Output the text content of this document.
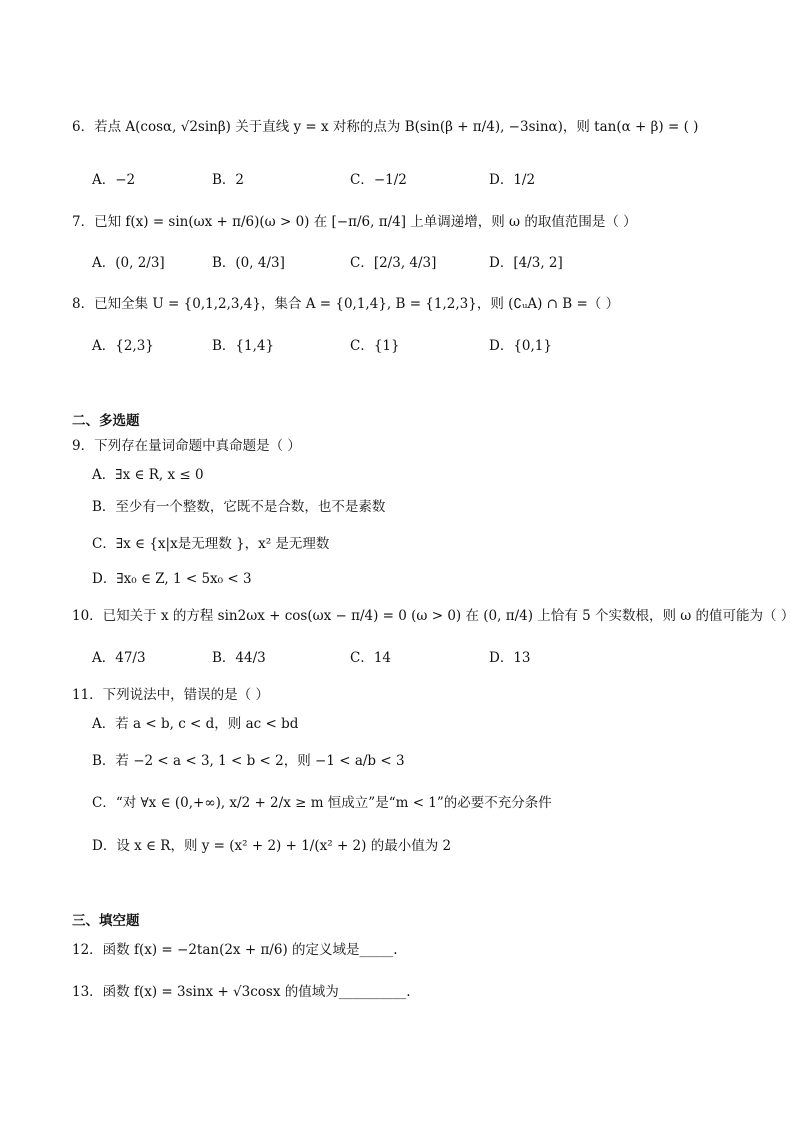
6．若点 A(cosα, √2sinβ) 关于直线 y = x 对称的点为 B(sin(β + π/4), −3sinα)，则 tan(α + β) = ( )
A．−2	B．2	C．−1/2	D．1/2
7．已知 f(x) = sin(ωx + π/6)(ω > 0) 在 [−π/6, π/4] 上单调递增，则 ω 的取值范围是（ ）
A．(0, 2/3]	B．(0, 4/3]	C．[2/3, 4/3]	D．[4/3, 2]
8．已知全集 U = {0,1,2,3,4}，集合 A = {0,1,4}, B = {1,2,3}，则 (∁ᵤA) ∩ B =（ ）
A．{2,3}	B．{1,4}	C．{1}	D．{0,1}
二、多选题
9．下列存在量词命题中真命题是（ ）
A．∃x ∈ R, x ≤ 0
B．至少有一个整数，它既不是合数，也不是素数
C．∃x ∈ {x|x是无理数 }，x² 是无理数
D．∃x₀ ∈ Z, 1 < 5x₀ < 3
10．已知关于 x 的方程 sin2ωx + cos(ωx − π/4) = 0 (ω > 0) 在 (0, π/4) 上恰有 5 个实数根，则 ω 的值可能为（ ）
A．47/3	B．44/3	C．14	D．13
11．下列说法中，错误的是（ ）
A．若 a < b, c < d，则 ac < bd
B．若 −2 < a < 3, 1 < b < 2，则 −1 < a/b < 3
C．“对 ∀x ∈ (0,+∞), x/2 + 2/x ≥ m 恒成立”是“m < 1”的必要不充分条件
D．设 x ∈ R，则 y = (x² + 2) + 1/(x² + 2) 的最小值为 2
三、填空题
12．函数 f(x) = −2tan(2x + π/6) 的定义域是_____.
13．函数 f(x) = 3sinx + √3cosx 的值域为__________.
